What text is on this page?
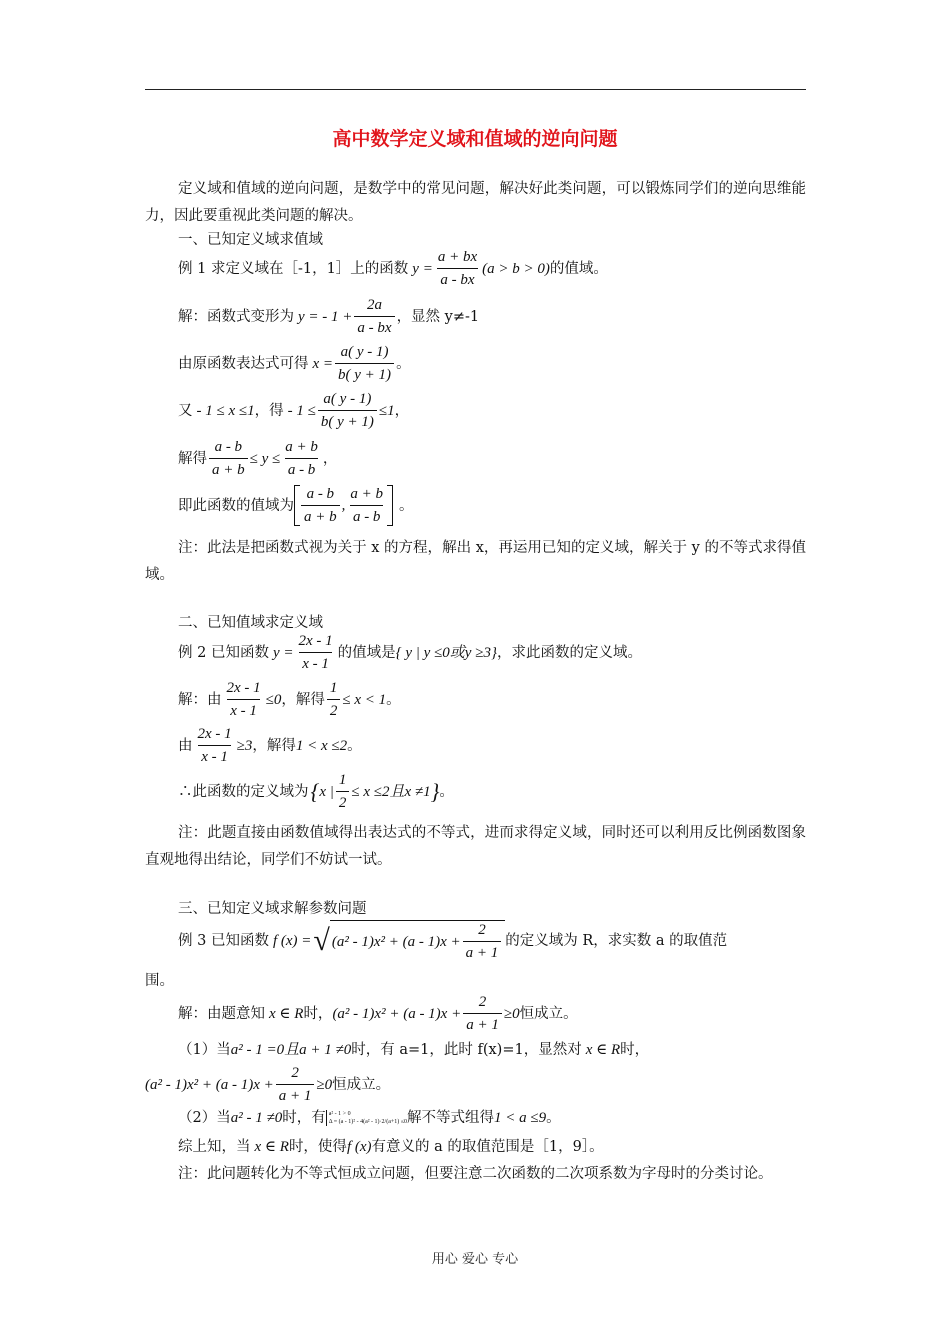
高中数学定义域和值域的逆向问题
定义域和值域的逆向问题，是数学中的常见问题，解决好此类问题，可以锻炼同学们的逆向思维能力，因此要重视此类问题的解决。
一、已知定义域求值域
例 1 求定义域在［-1，1］上的函数 $y = \frac{a + bx}{a - bx} (a > b > 0)$ 的值域。
解：函数式变形为 y = - $1 + \frac{2a}{a - bx}$ ，显然 y≠-1
由原函数表达式可得 $x = \frac{a( y - 1)}{b( y + 1)}$ 。
又 - 1 ≤ x ≤1 ，得 - $1 \le \frac{a( y - 1)}{b( y + 1)} \le 1$ ，
解得 $\frac{a - b}{a + b} \le y \le \frac{a + b}{a - b}$ ，
即此函数的值域为 $\frac{a - b}{a + b}$ , $\frac{a + b}{a - b}$ 。
注：此法是把函数式视为关于 x 的方程，解出 x，再运用已知的定义域，解关于 y 的不等式求得值域。
二、已知值域求定义域
例 2 已知函数 $y = \frac{2x - 1}{x - 1}$ 的值域是 { y | y ≤0或y ≥3} ，求此函数的定义域。
解：由 $\frac{2x - 1}{x - 1} \le 0$ ，解得 $\frac{1}{2} \le x < 1$ 。
由 $\frac{2x - 1}{x - 1} \ge 3$ ，解得 1 < x ≤2 。
∴此函数的定义域为 { x | $\frac{1}{2} \le x \le 2$且x ≠1 } 。
注：此题直接由函数值域得出表达式的不等式，进而求得定义域，同时还可以利用反比例函数图象直观地得出结论，同学们不妨试一试。
三、已知定义域求解参数问题
例 3 已知函数 f (x) = √ $(a^2 - 1)x^2 + (a - 1)x + \frac{2}{a + 1}$ 的定义域为 R，求实数 a 的取值范
围。
解：由题意知 x ∈ R 时， $(a^2 - 1)x^2 + (a - 1)x + \frac{2}{a + 1} \ge 0$ 恒成立。
（1）当 a² - 1 =0且a + 1 ≠0 时，有 a=1，此时 f(x)=1，显然对 x ∈ R 时，
$(a^2 - 1)x^2 + (a - 1)x + \frac{2}{a + 1} \ge 0$ 恒成立。
（2）当 a² - 1 ≠0 时，有 a² - 1 > 0
Δ = (a - 1)² - 4(a² - 1)·2/(a+1) ≤0 解不等式组得 1 < a ≤9 。
综上知，当 x ∈ R 时，使得 f (x) 有意义的 a 的取值范围是［1，9］。
注：此问题转化为不等式恒成立问题，但要注意二次函数的二次项系数为字母时的分类讨论。
用心 爱心 专心
